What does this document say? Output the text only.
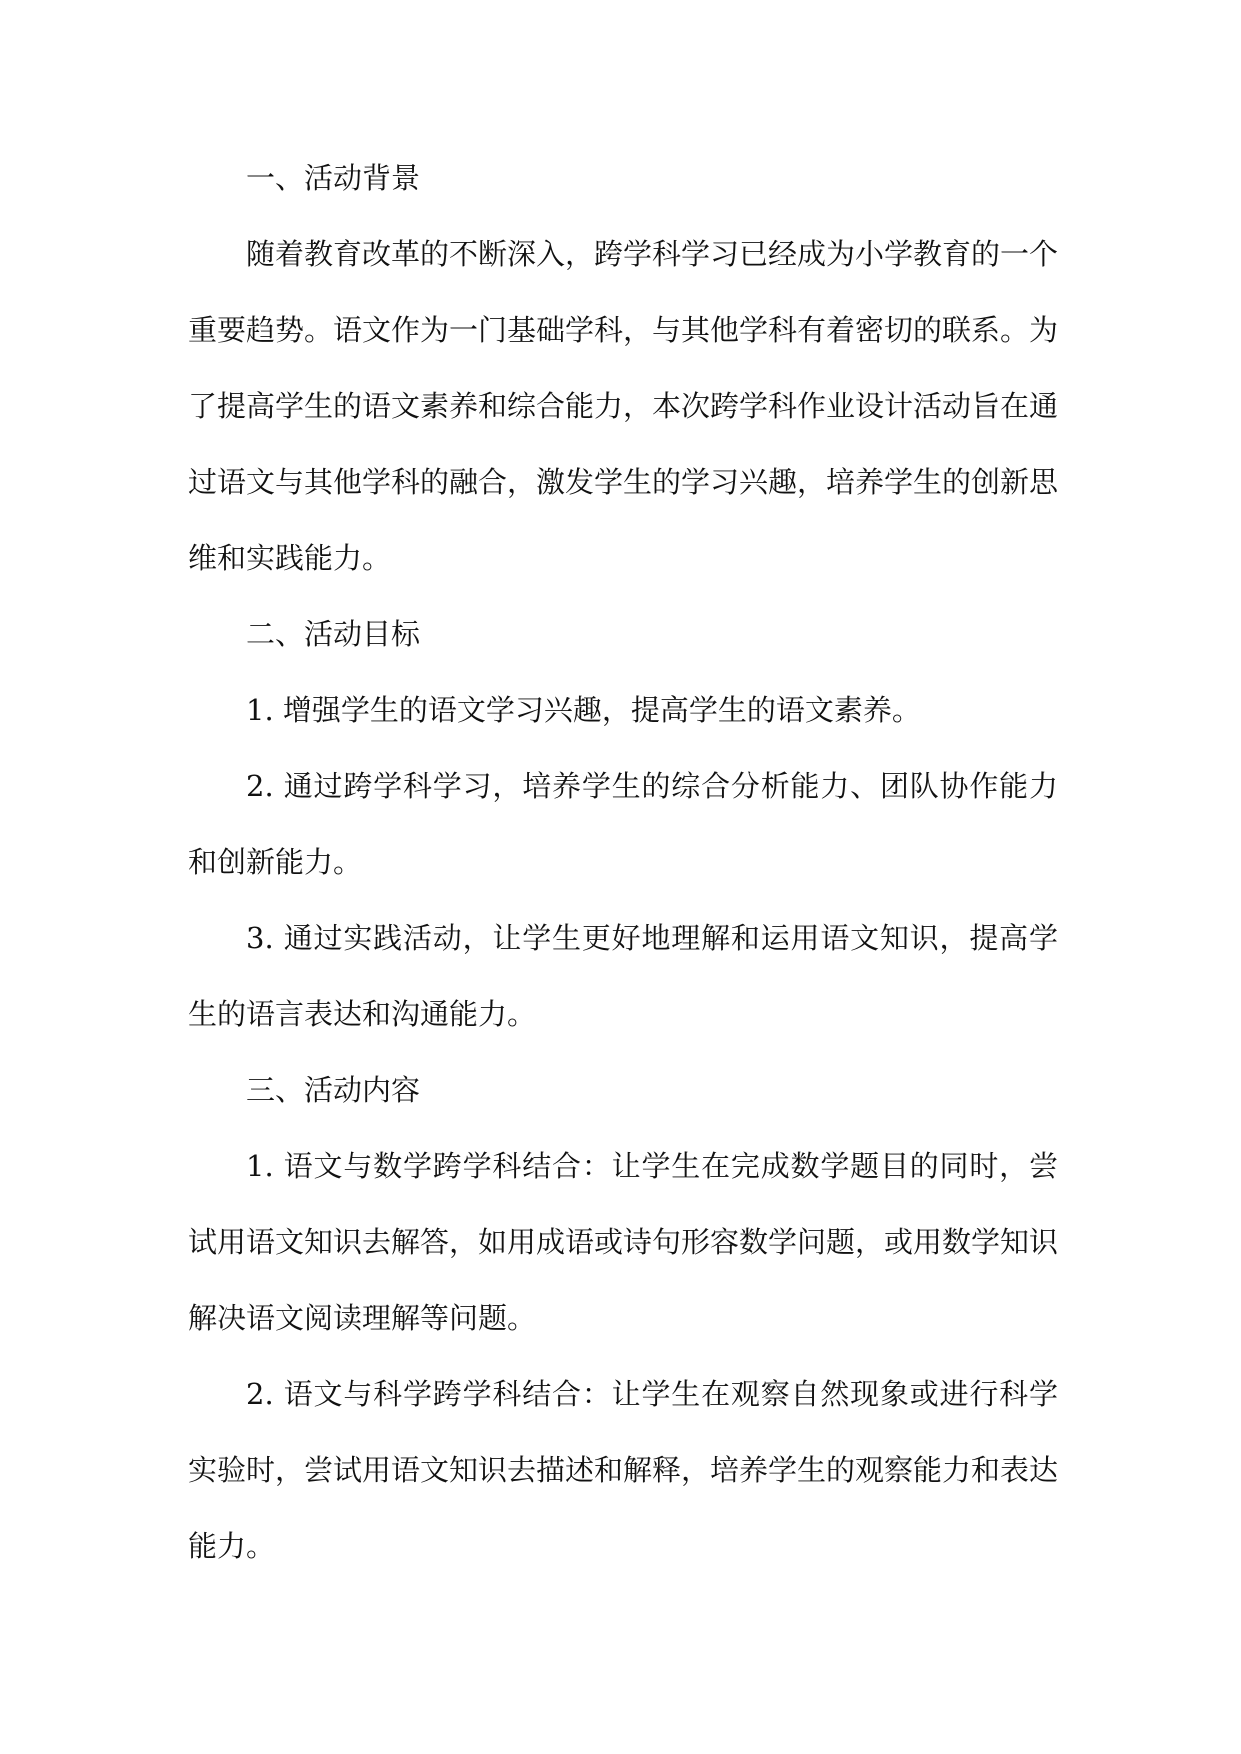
一、活动背景

随着教育改革的不断深入，跨学科学习已经成为小学教育的一个重要趋势。语文作为一门基础学科，与其他学科有着密切的联系。为了提高学生的语文素养和综合能力，本次跨学科作业设计活动旨在通过语文与其他学科的融合，激发学生的学习兴趣，培养学生的创新思维和实践能力。

二、活动目标

1. 增强学生的语文学习兴趣，提高学生的语文素养。

2. 通过跨学科学习，培养学生的综合分析能力、团队协作能力和创新能力。

3. 通过实践活动，让学生更好地理解和运用语文知识，提高学生的语言表达和沟通能力。

三、活动内容

1. 语文与数学跨学科结合：让学生在完成数学题目的同时，尝试用语文知识去解答，如用成语或诗句形容数学问题，或用数学知识解决语文阅读理解等问题。

2. 语文与科学跨学科结合：让学生在观察自然现象或进行科学实验时，尝试用语文知识去描述和解释，培养学生的观察能力和表达能力。
